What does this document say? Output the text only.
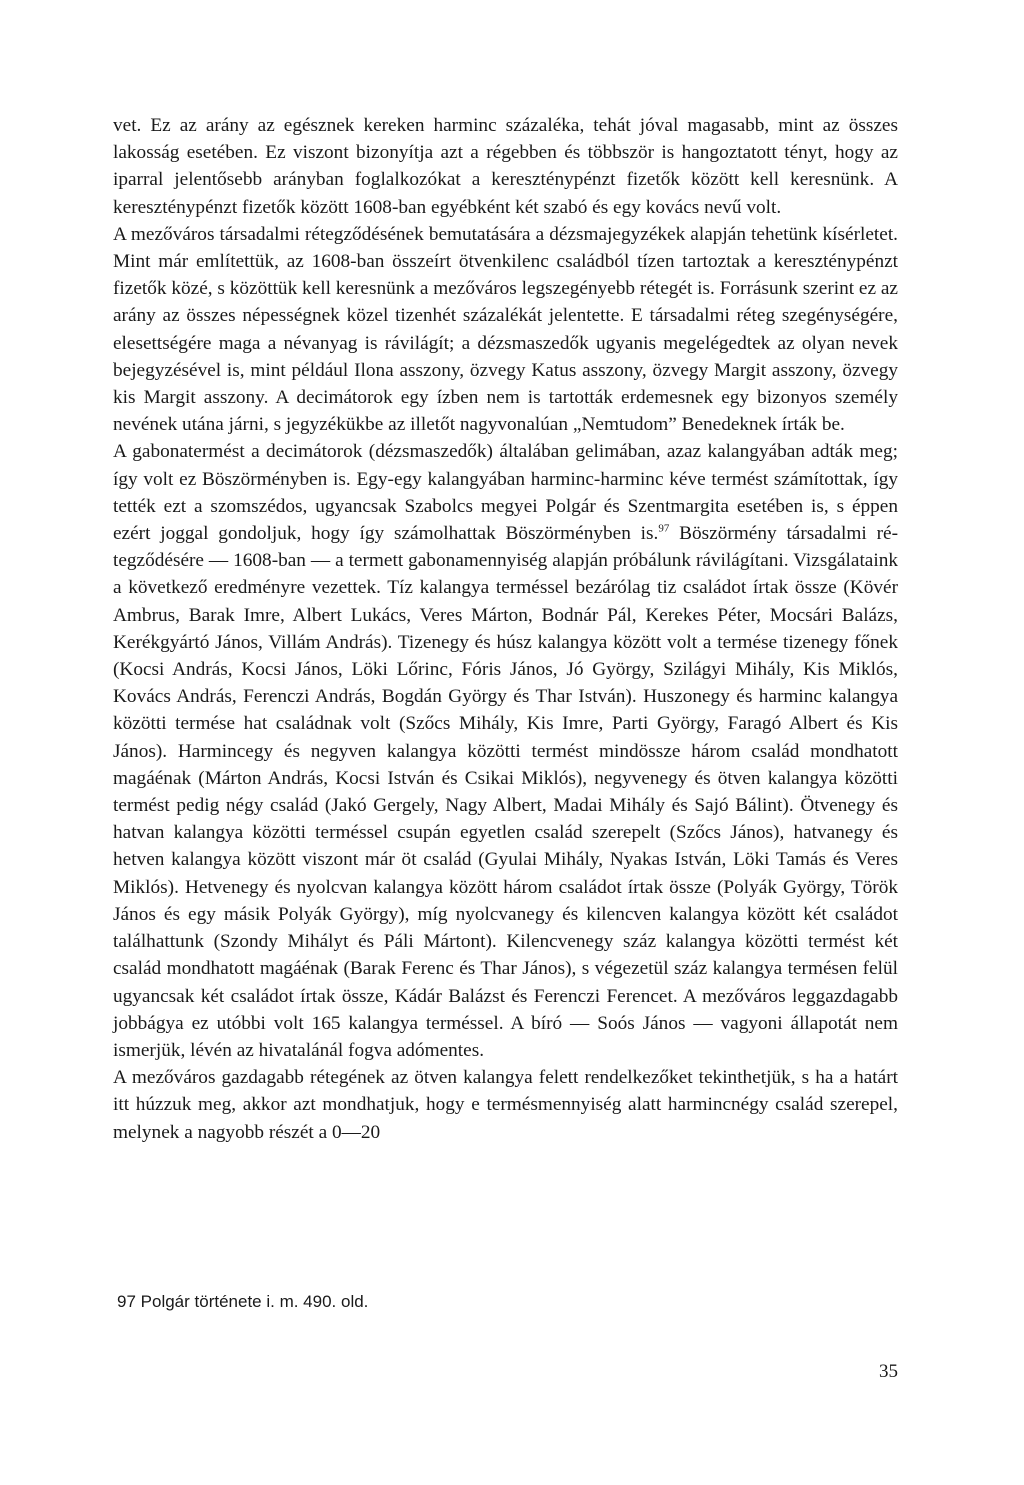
vet. Ez az arány az egésznek kereken harminc százaléka, tehát jóval magasabb, mint az összes lakosság esetében. Ez viszont bizonyítja azt a régebben és többször is hangoztatott tényt, hogy az iparral jelentősebb arányban foglalkozókat a kereszténypénzt fizetők között kell keresnünk. A kereszténypénzt fizetők között 1608-ban egyébként két szabó és egy kovács nevű volt.

A mezőváros társadalmi rétegződésének bemutatására a dézsmajegyzékek alapján tehetünk kísérletet. Mint már említettük, az 1608-ban összeírt ötvenkilenc családból tízen tartoztak a kereszténypénzt fizetők közé, s közöttük kell keresnünk a mezőváros legszegényebb rétegét is. Forrásunk szerint ez az arány az összes népességnek közel tizenhét százalékát jelentette. E társadalmi réteg szegénységére, elesettségére maga a névanyag is rávilágít; a dézsmaszedők ugyanis megelégedtek az olyan nevek bejegyzésével is, mint például Ilona asszony, özvegy Katus asszony, özvegy Margit asszony, özvegy kis Margit asszony. A decimátorok egy ízben nem is tartották erdemesnek egy bizonyos személy nevének utána járni, s jegyzékükbe az illetőt nagyvonalúan „Nemtudom” Benedeknek írták be.

A gabonatermést a decimátorok (dézsmaszedők) általában gelimában, azaz kalangyában adták meg; így volt ez Böszörményben is. Egy-egy kalangyában harminc-harminc kéve termést számítottak, így tették ezt a szomszédos, ugyancsak Szabolcs megyei Polgár és Szentmargita esetében is, s éppen ezért joggal gondoljuk, hogy így számolhattak Böszörményben is.$^{97}$ Böszörmény társadalmi rétegződésére — 1608-ban — a termett gabonamennyiség alapján próbálunk rávilágítani. Vizsgálataink a következő eredményre vezettek. Tíz kalangya terméssel bezárólag tiz családot írtak össze (Kövér Ambrus, Barak Imre, Albert Lukács, Veres Márton, Bodnár Pál, Kerekes Péter, Mocsári Balázs, Kerékgyártó János, Villám András). Tizenegy és húsz kalangya között volt a termése tizenegy főnek (Kocsi András, Kocsi János, Löki Lőrinc, Fóris János, Jó György, Szilágyi Mihály, Kis Miklós, Kovács András, Ferenczi András, Bogdán György és Thar István). Huszonegy és harminc kalangya közötti termése hat családnak volt (Szőcs Mihály, Kis Imre, Parti György, Faragó Albert és Kis János). Harmincegy és negyven kalangya közötti termést mindössze három család mondhatott magáénak (Márton András, Kocsi István és Csikai Miklós), negyvenegy és ötven kalangya közötti termést pedig négy család (Jakó Gergely, Nagy Albert, Madai Mihály és Sajó Bálint). Ötvenegy és hatvan kalangya közötti terméssel csupán egyetlen család szerepelt (Szőcs János), hatvanegy és hetven kalangya között viszont már öt család (Gyulai Mihály, Nyakas István, Löki Tamás és Veres Miklós). Hetvenegy és nyolcvan kalangya között három családot írtak össze (Polyák György, Török János és egy másik Polyák György), míg nyolcvanegy és kilencven kalangya között két családot találhattunk (Szondy Mihályt és Páli Mártont). Kilencvenegy száz kalangya közötti termést két család mondhatott magáénak (Barak Ferenc és Thar János), s végezetül száz kalangya termésen felül ugyancsak két családot írtak össze, Kádár Balázst és Ferenczi Ferencet. A mezőváros leggazdagabb jobbágya ez utóbbi volt 165 kalangya terméssel. A bíró — Soós János — vagyoni állapotát nem ismerjük, lévén az hivatalánál fogva adómentes.

A mezőváros gazdagabb rétegének az ötven kalangya felett rendelkezőket tekinthetjük, s ha a határt itt húzzuk meg, akkor azt mondhatjuk, hogy e termésmennyiség alatt harmincnégy család szerepel, melynek a nagyobb részét a 0—20

97 Polgár története i. m. 490. old.
35
